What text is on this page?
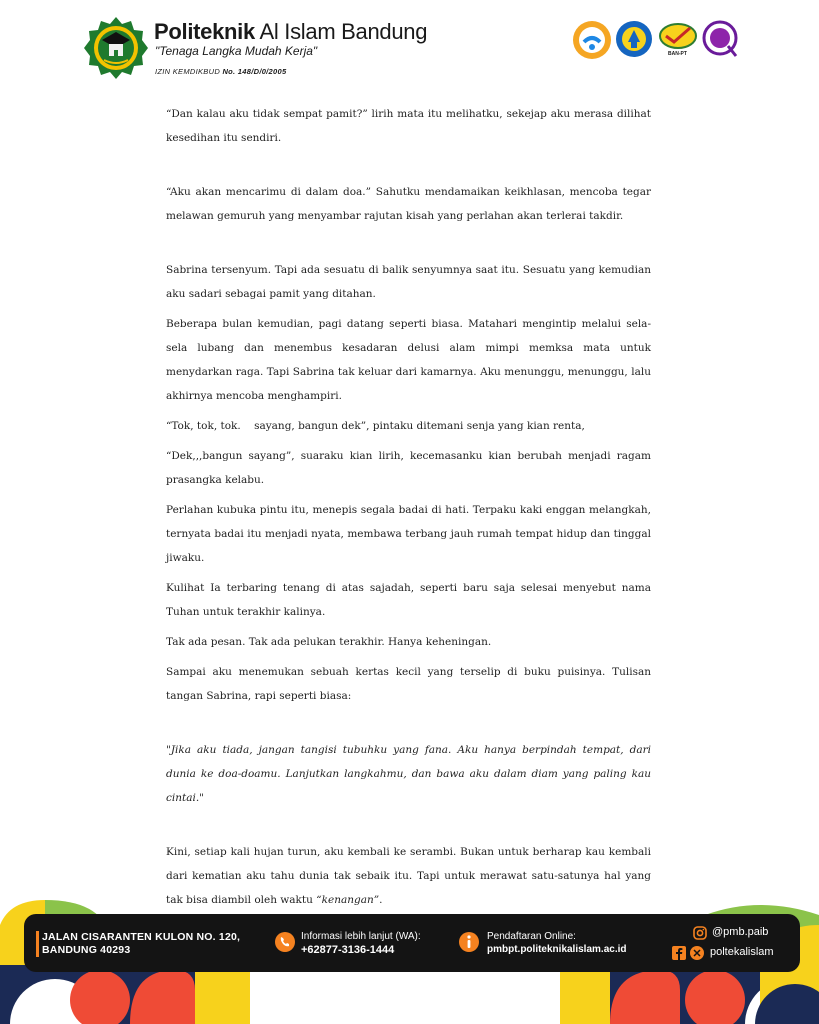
Politeknik Al Islam Bandung
"Tenaga Langka Mudah Kerja"
IZIN KEMDIKBUD No. 148/D/0/2005
BAN-PT

“Dan kalau aku tidak sempat pamit?” lirih mata itu melihatku, sekejap aku merasa dilihat kesedihan itu sendiri.

“Aku akan mencarimu di dalam doa.” Sahutku mendamaikan keikhlasan, mencoba tegar melawan gemuruh yang menyambar rajutan kisah yang perlahan akan terlerai takdir.

Sabrina tersenyum. Tapi ada sesuatu di balik senyumnya saat itu. Sesuatu yang kemudian aku sadari sebagai pamit yang ditahan.

Beberapa bulan kemudian, pagi datang seperti biasa. Matahari mengintip melalui sela-sela lubang dan menembus kesadaran delusi alam mimpi memksa mata untuk menydarkan raga. Tapi Sabrina tak keluar dari kamarnya. Aku menunggu, menunggu, lalu akhirnya mencoba menghampiri.

“Tok, tok, tok.    sayang, bangun dek”, pintaku ditemani senja yang kian renta,

“Dek,,,bangun sayang”, suaraku kian lirih, kecemasanku kian berubah menjadi ragam prasangka kelabu.

Perlahan kubuka pintu itu, menepis segala badai di hati. Terpaku kaki enggan melangkah, ternyata badai itu menjadi nyata, membawa terbang jauh rumah tempat hidup dan tinggal jiwaku.

Kulihat Ia terbaring tenang di atas sajadah, seperti baru saja selesai menyebut nama Tuhan untuk terakhir kalinya.

Tak ada pesan. Tak ada pelukan terakhir. Hanya keheningan.

Sampai aku menemukan sebuah kertas kecil yang terselip di buku puisinya. Tulisan tangan Sabrina, rapi seperti biasa:

"Jika aku tiada, jangan tangisi tubuhku yang fana. Aku hanya berpindah tempat, dari dunia ke doa-doamu. Lanjutkan langkahmu, dan bawa aku dalam diam yang paling kau cintai."

Kini, setiap kali hujan turun, aku kembali ke serambi. Bukan untuk berharap kau kembali dari kematian aku tahu dunia tak sebaik itu. Tapi untuk merawat satu-satunya hal yang tak bisa diambil oleh waktu “kenangan”.

JALAN CISARANTEN KULON NO. 120,
BANDUNG 40293
Informasi lebih lanjut (WA):
+62877-3136-1444
Pendaftaran Online:
pmbpt.politeknikalislam.ac.id
@pmb.paib
poltekalislam
